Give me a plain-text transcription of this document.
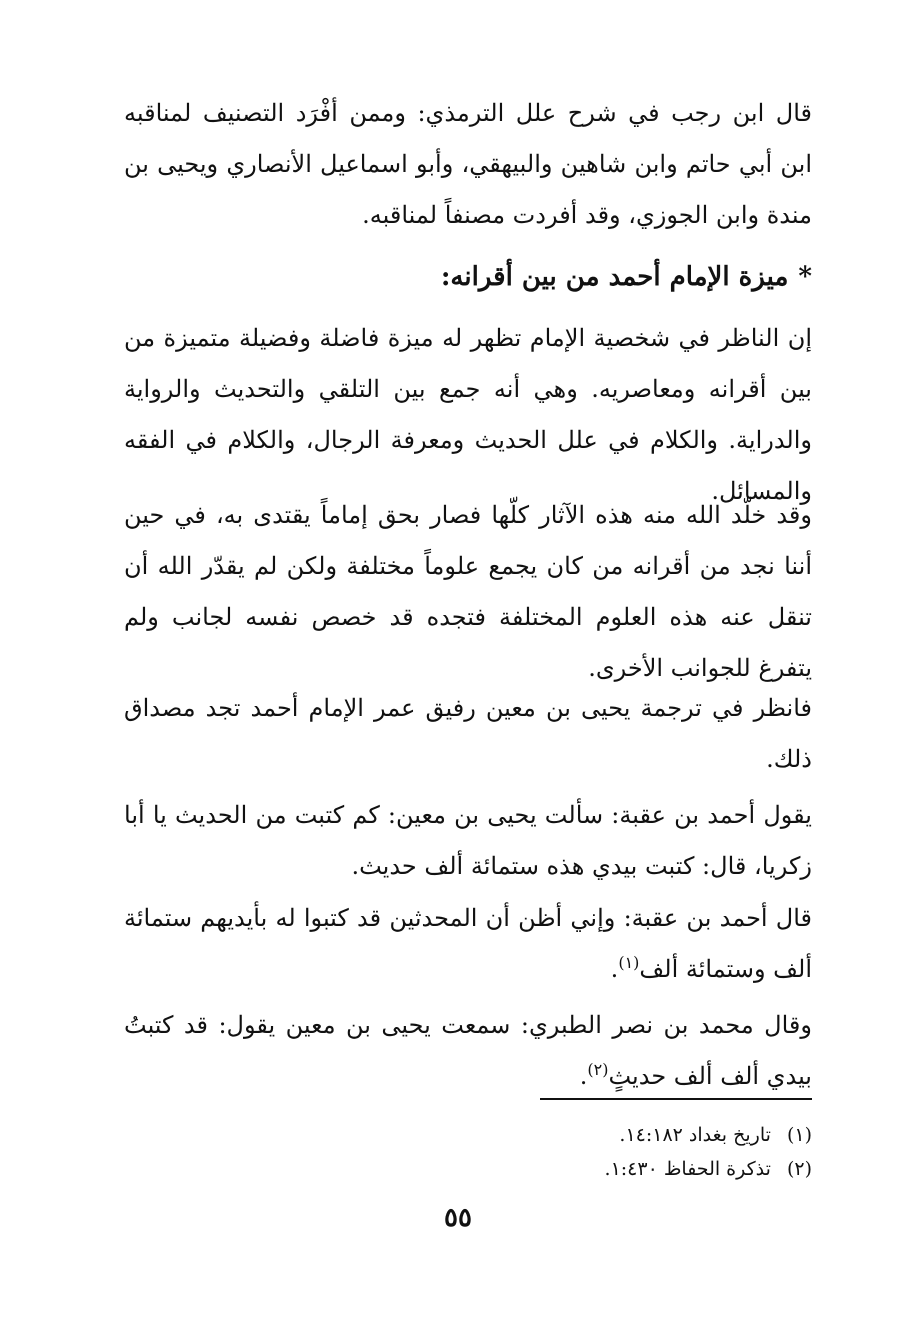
قال ابن رجب في شرح علل الترمذي: وممن أفْرَد التصنيف لمناقبه ابن أبي حاتم وابن شاهين والبيهقي، وأبو اسماعيل الأنصاري ويحيى بن مندة وابن الجوزي، وقد أفردت مصنفاً لمناقبه.

*ميزة الإمام أحمد من بين أقرانه:

إن الناظر في شخصية الإمام تظهر له ميزة فاضلة وفضيلة متميزة من بين أقرانه ومعاصريه. وهي أنه جمع بين التلقي والتحديث والرواية والدراية. والكلام في علل الحديث ومعرفة الرجال، والكلام في الفقه والمسائل.

وقد خلّد الله منه هذه الآثار كلّها فصار بحق إماماً يقتدى به، في حين أننا نجد من أقرانه من كان يجمع علوماً مختلفة ولكن لم يقدّر الله أن تنقل عنه هذه العلوم المختلفة فتجده قد خصص نفسه لجانب ولم يتفرغ للجوانب الأخرى.

فانظر في ترجمة يحيى بن معين رفيق عمر الإمام أحمد تجد مصداق ذلك.

يقول أحمد بن عقبة: سألت يحيى بن معين: كم كتبت من الحديث يا أبا زكريا، قال: كتبت بيدي هذه ستمائة ألف حديث.

قال أحمد بن عقبة: وإني أظن أن المحدثين قد كتبوا له بأيديهم ستمائة ألف وستمائة ألف$^{(١)}$.

وقال محمد بن نصر الطبري: سمعت يحيى بن معين يقول: قد كتبتُ بيدي ألف ألف حديثٍ$^{(٢)}$.

(١)تاريخ بغداد ١٤:١٨٢.

(٢)تذكرة الحفاظ ١:٤٣٠.

٥٥
